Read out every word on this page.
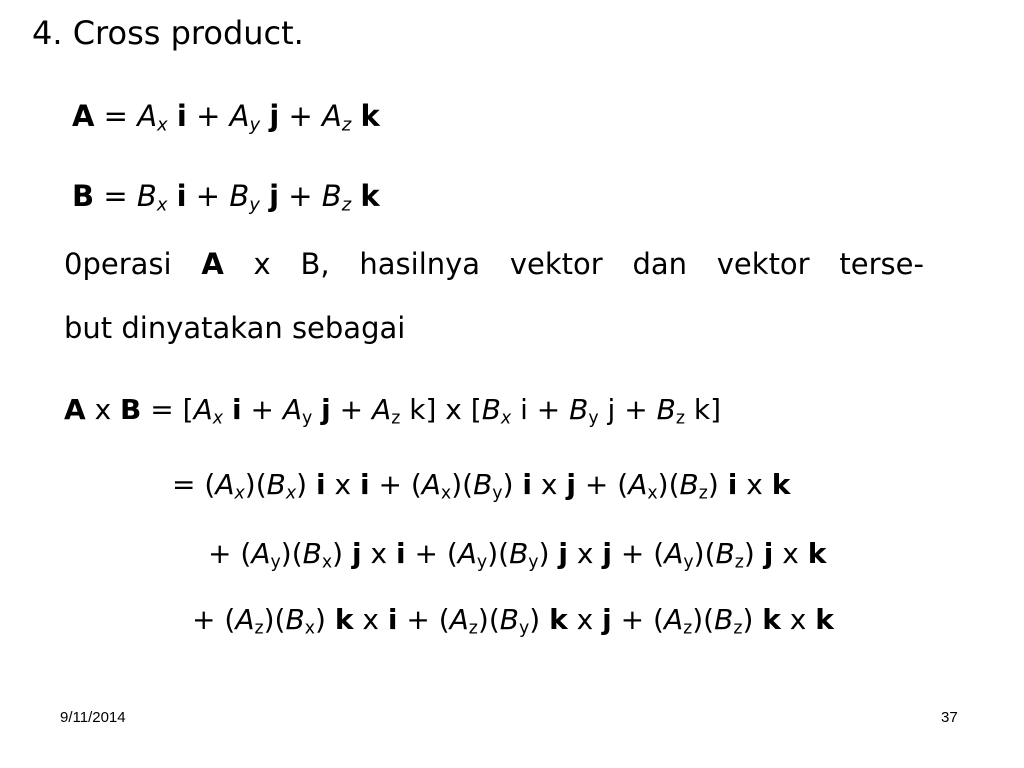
4. Cross product.
$A = A_x$ $i + A_y$ $j + A_z$ k
$B = B_x$ $i + B_y$ $j + B_z$ k
0perasi A x B, hasilnya vektor dan vektor terse-
but dinyatakan sebagai
A x $B = [A_x$ $i + A_y$ $j + A_z$ k] x [$B_x$ $i + B_y$ $j + B_z$ k]
= $(A_x)(B_x)$ i x $i + (A_x)(B_y)$ i x $j + (A_x)(B_z)$ i x k
+ $(A_y)(B_x)$ j x $i + (A_y)(B_y)$ j x $j + (A_y)(B_z)$ j x k
+ $(A_z)(B_x)$ k x $i + (A_z)(B_y)$ k x $j + (A_z)(B_z)$ k x k
9/11/2014	37
